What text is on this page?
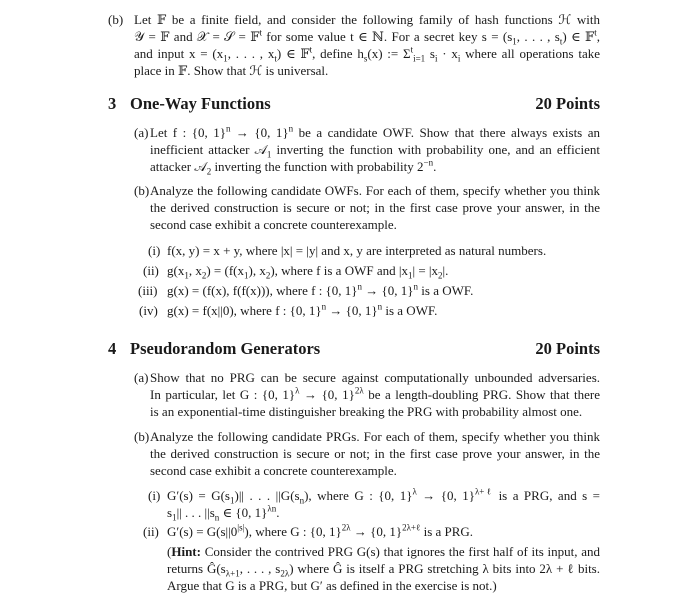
(b) Let 𝔽 be a finite field, and consider the following family of hash functions ℋ with
𝒴 = 𝔽 and 𝒳 = 𝒮 = 𝔽$^t$ for some value t ∈ ℕ. For a secret key $s = (s_1$, . . . , $s_t$) ∈ 𝔽$^t$,
and input $x = (x_1$, . . . , $x_t$) ∈ 𝔽$^t$, define $h_s(x)$ := $\Sigma^t_{i=1}$ $s_i \cdot x_i$ where all operations take
place in 𝔽. Show that ℋ is universal.
3 One-Way Functions	20 Points
(a) Let f : {0, 1}$^n$ → {0, 1}$^n$ be a candidate OWF. Show that there always exists an
inefficient attacker 𝒜$_1$ inverting the function with probability one, and an efficient
attacker 𝒜$_2$ inverting the function with probability $2^{-n}$.
(b) Analyze the following candidate OWFs. For each of them, specify whether you think
the derived construction is secure or not; in the first case prove your answer, in the
second case exhibit a concrete counterexample.
(i) f(x, y) = x + y, where |x| = |y| and x, y are interpreted as natural numbers.
(ii) $g(x_1$, $x_2) = (f(x_1)$, $x_2$), where f is a OWF and $|x_1| = |x_2|$.
(iii) g(x) = (f(x), f(f(x))), where f : {0, 1}$^n$ → {0, 1}$^n$ is a OWF.
(iv) g(x) = f(x||0), where f : {0, 1}$^n$ → {0, 1}$^n$ is a OWF.
4 Pseudorandom Generators	20 Points
(a) Show that no PRG can be secure against computationally unbounded adversaries.
In particular, let G : {0, 1}$^\lambda$ → {0, 1}$^{2\lambda}$ be a length-doubling PRG. Show that there
is an exponential-time distinguisher breaking the PRG with probability almost one.
(b) Analyze the following candidate PRGs. For each of them, specify whether you think
the derived construction is secure or not; in the first case prove your answer, in the
second case exhibit a concrete counterexample.
(i) $G'(s) = G(s_1)||$ . . . $||G(s_n)$, where G : {0, 1}$^\lambda$ → {0, 1}$^{\lambda+\ell}$ is a PRG, and s =
$s_1||$ . . . $||s_n$ ∈ {0, 1}$^{\lambda n}$.
(ii) $G'(s) = G(s||0^{|s|})$, where G : {0, 1}$^{2\lambda}$ → {0, 1}$^{2\lambda+\ell}$ is a PRG.
(Hint: Consider the contrived PRG G(s) that ignores the first half of its input, and
returns $Ĝ(s_{\lambda+1}$, . . . , $s_{2\lambda}$) where Ĝ is itself a PRG stretching λ bits into 2λ + ℓ bits.
Argue that G is a PRG, but G′ as defined in the exercise is not.)
